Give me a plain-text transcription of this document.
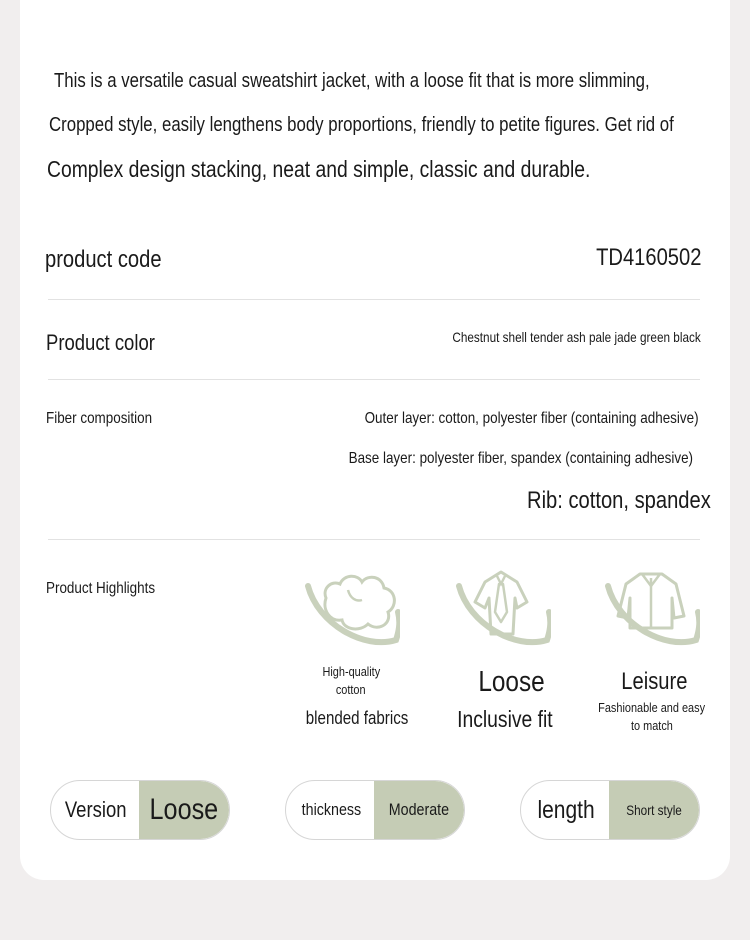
This is a versatile casual sweatshirt jacket, with a loose fit that is more slimming,
Cropped style, easily lengthens body proportions, friendly to petite figures. Get rid of
Complex design stacking, neat and simple, classic and durable.
product code	TD4160502
Product color	Chestnut shell tender ash pale jade green black
Fiber composition	Outer layer: cotton, polyester fiber (containing adhesive)
Base layer: polyester fiber, spandex (containing adhesive)
Rib: cotton, spandex
Product Highlights
High-quality
cotton
blended fabrics
Loose
Inclusive fit
Leisure
Fashionable and easy
to match
Version Loose	thickness Moderate	length Short style
